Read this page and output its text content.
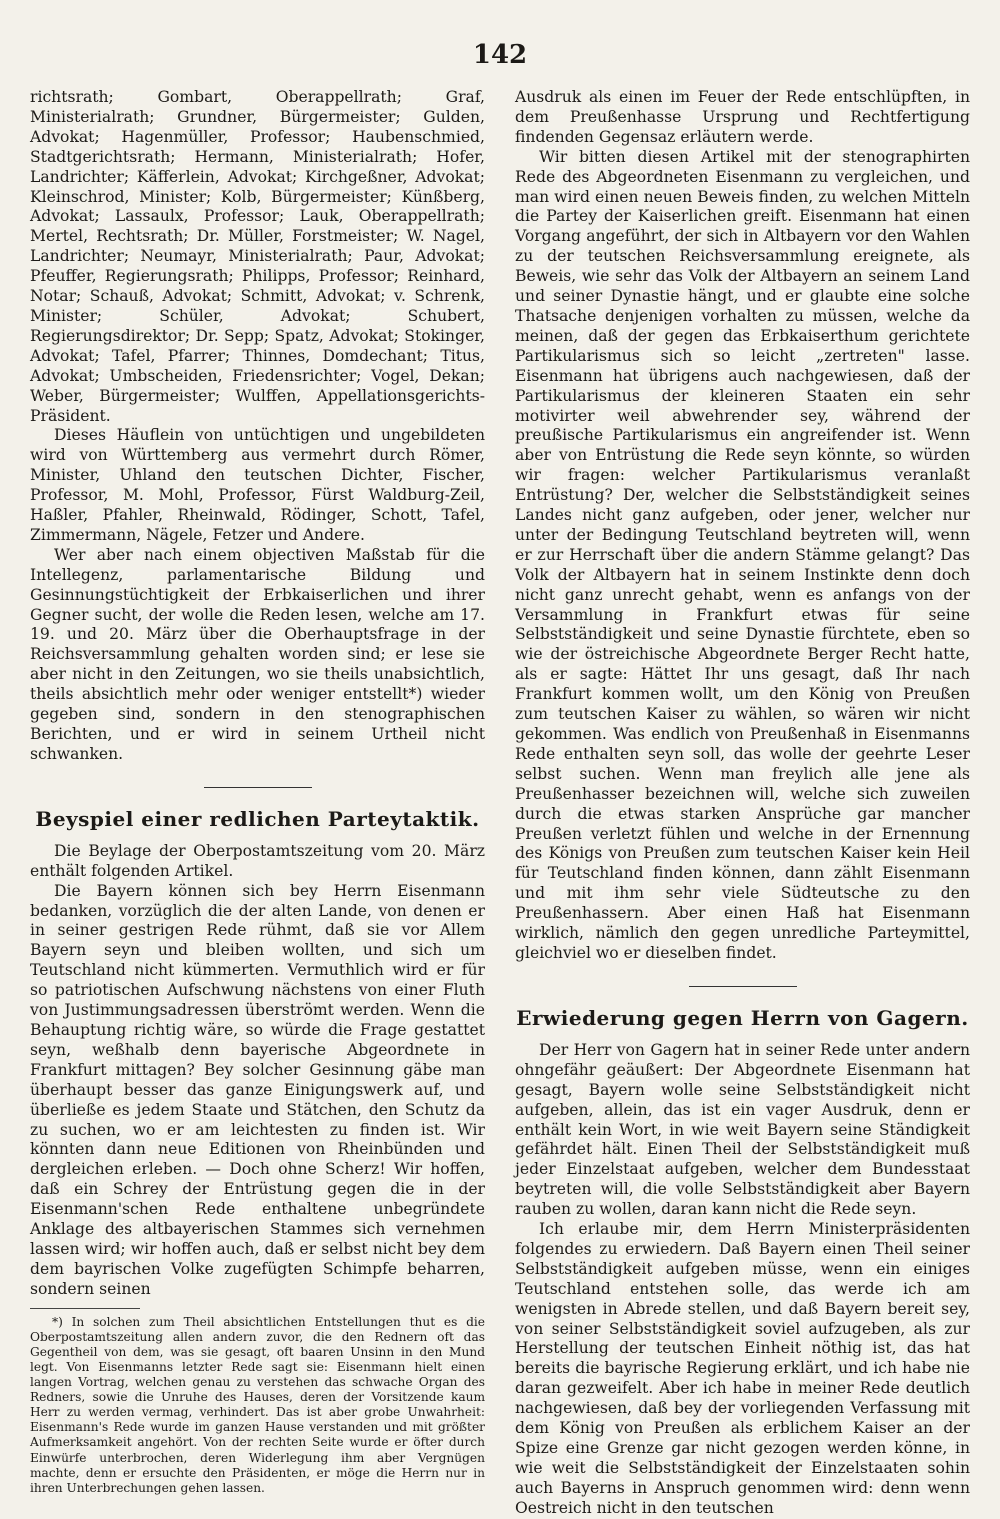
142

richtsrath; Gombart, Oberappellrath; Graf, Ministerialrath; Grundner, Bürgermeister; Gulden, Advokat; Hagenmüller, Professor; Haubenschmied, Stadtgerichtsrath; Hermann, Ministerialrath; Hofer, Landrichter; Käfferlein, Advokat; Kirchgeßner, Advokat; Kleinschrod, Minister; Kolb, Bürgermeister; Künßberg, Advokat; Lassaulx, Professor; Lauk, Oberappellrath; Mertel, Rechtsrath; Dr. Müller, Forstmeister; W. Nagel, Landrichter; Neumayr, Ministerialrath; Paur, Advokat; Pfeuffer, Regierungsrath; Philipps, Professor; Reinhard, Notar; Schauß, Advokat; Schmitt, Advokat; v. Schrenk, Minister; Schüler, Advokat; Schubert, Regierungsdirektor; Dr. Sepp; Spatz, Advokat; Stokinger, Advokat; Tafel, Pfarrer; Thinnes, Domdechant; Titus, Advokat; Umbscheiden, Friedensrichter; Vogel, Dekan; Weber, Bürgermeister; Wulffen, Appellationsgerichts-Präsident.

Dieses Häuflein von untüchtigen und ungebildeten wird von Württemberg aus vermehrt durch Römer, Minister, Uhland den teutschen Dichter, Fischer, Professor, M. Mohl, Professor, Fürst Waldburg-Zeil, Haßler, Pfahler, Rheinwald, Rödinger, Schott, Tafel, Zimmermann, Nägele, Fetzer und Andere.

Wer aber nach einem objectiven Maßstab für die Intellegenz, parlamentarische Bildung und Gesinnungstüchtigkeit der Erbkaiserlichen und ihrer Gegner sucht, der wolle die Reden lesen, welche am 17. 19. und 20. März über die Oberhauptsfrage in der Reichsversammlung gehalten worden sind; er lese sie aber nicht in den Zeitungen, wo sie theils unabsichtlich, theils absichtlich mehr oder weniger entstellt*) wieder gegeben sind, sondern in den stenographischen Berichten, und er wird in seinem Urtheil nicht schwanken.

Beyspiel einer redlichen Parteytaktik.

Die Beylage der Oberpostamtszeitung vom 20. März enthält folgenden Artikel.

Die Bayern können sich bey Herrn Eisenmann bedanken, vorzüglich die der alten Lande, von denen er in seiner gestrigen Rede rühmt, daß sie vor Allem Bayern seyn und bleiben wollten, und sich um Teutschland nicht kümmerten. Vermuthlich wird er für so patriotischen Aufschwung nächstens von einer Fluth von Justimmungsadressen überströmt werden. Wenn die Behauptung richtig wäre, so würde die Frage gestattet seyn, weßhalb denn bayerische Abgeordnete in Frankfurt mittagen? Bey solcher Gesinnung gäbe man überhaupt besser das ganze Einigungswerk auf, und überließe es jedem Staate und Stätchen, den Schutz da zu suchen, wo er am leichtesten zu finden ist. Wir könnten dann neue Editionen von Rheinbünden und dergleichen erleben. — Doch ohne Scherz! Wir hoffen, daß ein Schrey der Entrüstung gegen die in der Eisenmann'schen Rede enthaltene unbegründete Anklage des altbayerischen Stammes sich vernehmen lassen wird; wir hoffen auch, daß er selbst nicht bey dem dem bayrischen Volke zugefügten Schimpfe beharren, sondern seinen

*) In solchen zum Theil absichtlichen Entstellungen thut es die Oberpostamtszeitung allen andern zuvor, die den Rednern oft das Gegentheil von dem, was sie gesagt, oft baaren Unsinn in den Mund legt. Von Eisenmanns letzter Rede sagt sie: Eisenmann hielt einen langen Vortrag, welchen genau zu verstehen das schwache Organ des Redners, sowie die Unruhe des Hauses, deren der Vorsitzende kaum Herr zu werden vermag, verhindert. Das ist aber grobe Unwahrheit: Eisenmann's Rede wurde im ganzen Hause verstanden und mit größter Aufmerksamkeit angehört. Von der rechten Seite wurde er öfter durch Einwürfe unterbrochen, deren Widerlegung ihm aber Vergnügen machte, denn er ersuchte den Präsidenten, er möge die Herrn nur in ihren Unterbrechungen gehen lassen.

Ausdruk als einen im Feuer der Rede entschlüpften, in dem Preußenhasse Ursprung und Rechtfertigung findenden Gegensaz erläutern werde.

Wir bitten diesen Artikel mit der stenographirten Rede des Abgeordneten Eisenmann zu vergleichen, und man wird einen neuen Beweis finden, zu welchen Mitteln die Partey der Kaiserlichen greift. Eisenmann hat einen Vorgang angeführt, der sich in Altbayern vor den Wahlen zu der teutschen Reichsversammlung ereignete, als Beweis, wie sehr das Volk der Altbayern an seinem Land und seiner Dynastie hängt, und er glaubte eine solche Thatsache denjenigen vorhalten zu müssen, welche da meinen, daß der gegen das Erbkaiserthum gerichtete Partikularismus sich so leicht „zertreten" lasse. Eisenmann hat übrigens auch nachgewiesen, daß der Partikularismus der kleineren Staaten ein sehr motivirter weil abwehrender sey, während der preußische Partikularismus ein angreifender ist. Wenn aber von Entrüstung die Rede seyn könnte, so würden wir fragen: welcher Partikularismus veranlaßt Entrüstung? Der, welcher die Selbstständigkeit seines Landes nicht ganz aufgeben, oder jener, welcher nur unter der Bedingung Teutschland beytreten will, wenn er zur Herrschaft über die andern Stämme gelangt? Das Volk der Altbayern hat in seinem Instinkte denn doch nicht ganz unrecht gehabt, wenn es anfangs von der Versammlung in Frankfurt etwas für seine Selbstständigkeit und seine Dynastie fürchtete, eben so wie der östreichische Abgeordnete Berger Recht hatte, als er sagte: Hättet Ihr uns gesagt, daß Ihr nach Frankfurt kommen wollt, um den König von Preußen zum teutschen Kaiser zu wählen, so wären wir nicht gekommen. Was endlich von Preußenhaß in Eisenmanns Rede enthalten seyn soll, das wolle der geehrte Leser selbst suchen. Wenn man freylich alle jene als Preußenhasser bezeichnen will, welche sich zuweilen durch die etwas starken Ansprüche gar mancher Preußen verletzt fühlen und welche in der Ernennung des Königs von Preußen zum teutschen Kaiser kein Heil für Teutschland finden können, dann zählt Eisenmann und mit ihm sehr viele Südteutsche zu den Preußenhassern. Aber einen Haß hat Eisenmann wirklich, nämlich den gegen unredliche Parteymittel, gleichviel wo er dieselben findet.

Erwiederung gegen Herrn von Gagern.

Der Herr von Gagern hat in seiner Rede unter andern ohngefähr geäußert: Der Abgeordnete Eisenmann hat gesagt, Bayern wolle seine Selbstständigkeit nicht aufgeben, allein, das ist ein vager Ausdruk, denn er enthält kein Wort, in wie weit Bayern seine Ständigkeit gefährdet hält. Einen Theil der Selbstständigkeit muß jeder Einzelstaat aufgeben, welcher dem Bundesstaat beytreten will, die volle Selbstständigkeit aber Bayern rauben zu wollen, daran kann nicht die Rede seyn.

Ich erlaube mir, dem Herrn Ministerpräsidenten folgendes zu erwiedern. Daß Bayern einen Theil seiner Selbstständigkeit aufgeben müsse, wenn ein einiges Teutschland entstehen solle, das werde ich am wenigsten in Abrede stellen, und daß Bayern bereit sey, von seiner Selbstständigkeit soviel aufzugeben, als zur Herstellung der teutschen Einheit nöthig ist, das hat bereits die bayrische Regierung erklärt, und ich habe nie daran gezweifelt. Aber ich habe in meiner Rede deutlich nachgewiesen, daß bey der vorliegenden Verfassung mit dem König von Preußen als erblichem Kaiser an der Spize eine Grenze gar nicht gezogen werden könne, in wie weit die Selbstständigkeit der Einzelstaaten sohin auch Bayerns in Anspruch genommen wird: denn wenn Oestreich nicht in den teutschen
